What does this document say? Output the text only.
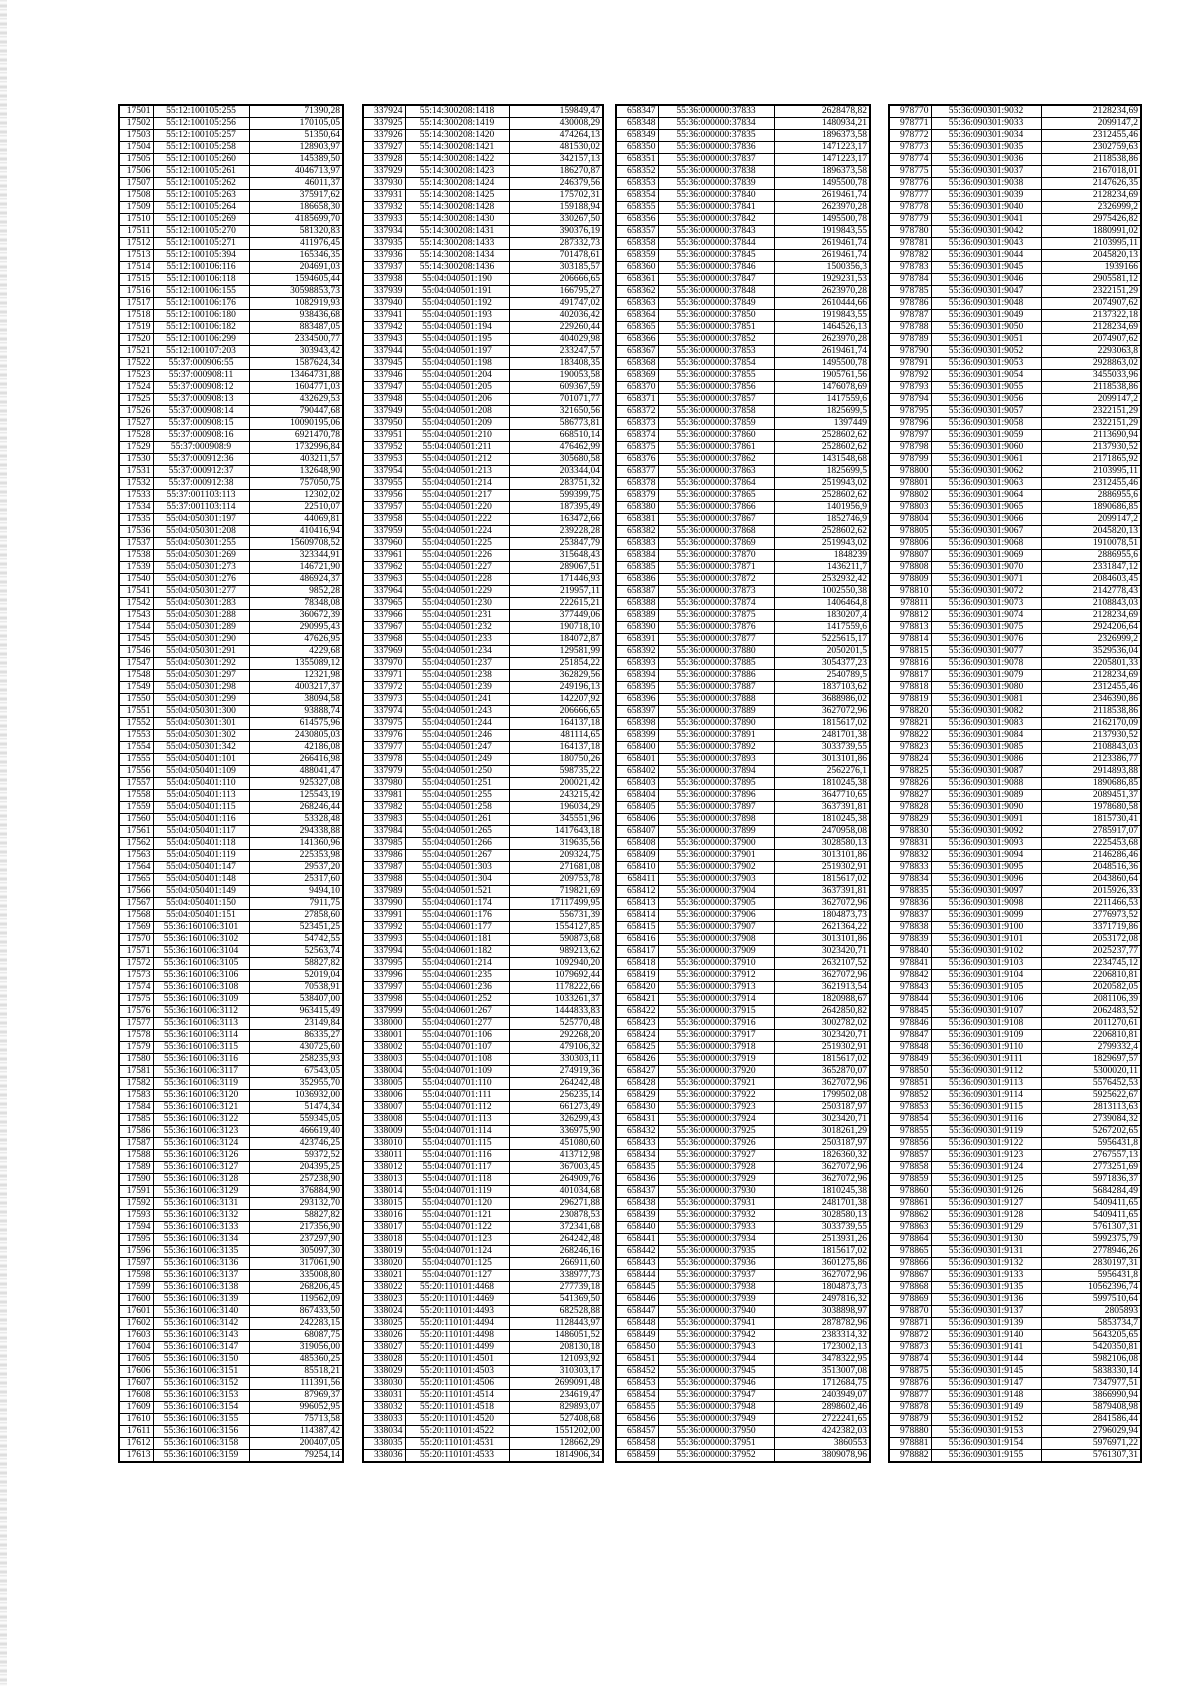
17501	55:12:100105:255	71390,28
17502	55:12:100105:256	170105,05
17503	55:12:100105:257	51350,64
17504	55:12:100105:258	128903,97
17505	55:12:100105:260	145389,50
17506	55:12:100105:261	4046713,97
17507	55:12:100105:262	46011,37
17508	55:12:100105:263	375917,62
17509	55:12:100105:264	186658,30
17510	55:12:100105:269	4185699,70
17511	55:12:100105:270	581320,83
17512	55:12:100105:271	411976,45
17513	55:12:100105:394	165346,35
17514	55:12:100106:116	204691,03
17515	55:12:100106:118	1594605,44
17516	55:12:100106:155	30598853,73
17517	55:12:100106:176	1082919,93
17518	55:12:100106:180	938436,68
17519	55:12:100106:182	883487,05
17520	55:12:100106:299	2334500,77
17521	55:12:100107:203	303943,42
17522	55:37:000906:55	1587624,34
17523	55:37:000908:11	13464731,88
17524	55:37:000908:12	1604771,03
17525	55:37:000908:13	432629,53
17526	55:37:000908:14	790447,68
17527	55:37:000908:15	10090195,06
17528	55:37:000908:16	6921470,78
17529	55:37:000908:9	1732996,84
17530	55:37:000912:36	403211,57
17531	55:37:000912:37	132648,90
17532	55:37:000912:38	757050,75
17533	55:37:001103:113	12302,02
17534	55:37:001103:114	22510,07
17535	55:04:050301:197	44069,81
17536	55:04:050301:208	410416,94
17537	55:04:050301:255	15609708,52
17538	55:04:050301:269	323344,91
17539	55:04:050301:273	146721,90
17540	55:04:050301:276	486924,37
17541	55:04:050301:277	9852,28
17542	55:04:050301:283	78348,08
17543	55:04:050301:288	360672,39
17544	55:04:050301:289	290995,43
17545	55:04:050301:290	47626,95
17546	55:04:050301:291	4229,68
17547	55:04:050301:292	1355089,12
17548	55:04:050301:297	12321,98
17549	55:04:050301:298	4003217,37
17550	55:04:050301:299	38094,58
17551	55:04:050301:300	93888,74
17552	55:04:050301:301	614575,96
17553	55:04:050301:302	2430805,03
17554	55:04:050301:342	42186,08
17555	55:04:050401:101	266416,98
17556	55:04:050401:109	488041,47
17557	55:04:050401:110	925327,08
17558	55:04:050401:113	125543,19
17559	55:04:050401:115	268246,44
17560	55:04:050401:116	53328,48
17561	55:04:050401:117	294338,88
17562	55:04:050401:118	141360,96
17563	55:04:050401:119	225353,98
17564	55:04:050401:147	29537,20
17565	55:04:050401:148	25317,60
17566	55:04:050401:149	9494,10
17567	55:04:050401:150	7911,75
17568	55:04:050401:151	27858,60
17569	55:36:160106:3101	523451,25
17570	55:36:160106:3102	54742,55
17571	55:36:160106:3104	52563,74
17572	55:36:160106:3105	58827,82
17573	55:36:160106:3106	52019,04
17574	55:36:160106:3108	70538,91
17575	55:36:160106:3109	538407,00
17576	55:36:160106:3112	963415,49
17577	55:36:160106:3113	23149,84
17578	55:36:160106:3114	86335,27
17579	55:36:160106:3115	430725,60
17580	55:36:160106:3116	258235,93
17581	55:36:160106:3117	67543,05
17582	55:36:160106:3119	352955,70
17583	55:36:160106:3120	1036932,00
17584	55:36:160106:3121	51474,34
17585	55:36:160106:3122	559345,05
17586	55:36:160106:3123	466619,40
17587	55:36:160106:3124	423746,25
17588	55:36:160106:3126	59372,52
17589	55:36:160106:3127	204395,25
17590	55:36:160106:3128	257238,90
17591	55:36:160106:3129	376884,90
17592	55:36:160106:3131	293132,70
17593	55:36:160106:3132	58827,82
17594	55:36:160106:3133	217356,90
17595	55:36:160106:3134	237297,90
17596	55:36:160106:3135	305097,30
17597	55:36:160106:3136	317061,90
17598	55:36:160106:3137	335008,80
17599	55:36:160106:3138	268206,45
17600	55:36:160106:3139	119562,09
17601	55:36:160106:3140	867433,50
17602	55:36:160106:3142	242283,15
17603	55:36:160106:3143	68087,75
17604	55:36:160106:3147	319056,00
17605	55:36:160106:3150	485360,25
17606	55:36:160106:3151	85518,21
17607	55:36:160106:3152	111391,56
17608	55:36:160106:3153	87969,37
17609	55:36:160106:3154	996052,95
17610	55:36:160106:3155	75713,58
17611	55:36:160106:3156	114387,42
17612	55:36:160106:3158	200407,05
17613	55:36:160106:3159	79254,14
337924	55:14:300208:1418	159849,47
337925	55:14:300208:1419	430008,29
337926	55:14:300208:1420	474264,13
337927	55:14:300208:1421	481530,02
337928	55:14:300208:1422	342157,13
337929	55:14:300208:1423	186270,87
337930	55:14:300208:1424	246379,56
337931	55:14:300208:1425	175702,31
337932	55:14:300208:1428	159188,94
337933	55:14:300208:1430	330267,50
337934	55:14:300208:1431	390376,19
337935	55:14:300208:1433	287332,73
337936	55:14:300208:1434	701478,61
337937	55:14:300208:1436	303185,57
337938	55:04:040501:190	206666,65
337939	55:04:040501:191	166795,27
337940	55:04:040501:192	491747,02
337941	55:04:040501:193	402036,42
337942	55:04:040501:194	229260,44
337943	55:04:040501:195	404029,98
337944	55:04:040501:197	233247,57
337945	55:04:040501:198	183408,35
337946	55:04:040501:204	190053,58
337947	55:04:040501:205	609367,59
337948	55:04:040501:206	701071,77
337949	55:04:040501:208	321650,56
337950	55:04:040501:209	586773,81
337951	55:04:040501:210	668510,14
337952	55:04:040501:211	476462,99
337953	55:04:040501:212	305680,58
337954	55:04:040501:213	203344,04
337955	55:04:040501:214	283751,32
337956	55:04:040501:217	599399,75
337957	55:04:040501:220	187395,49
337958	55:04:040501:222	163472,66
337959	55:04:040501:224	239228,28
337960	55:04:040501:225	253847,79
337961	55:04:040501:226	315648,43
337962	55:04:040501:227	289067,51
337963	55:04:040501:228	171446,93
337964	55:04:040501:229	219957,11
337965	55:04:040501:230	222615,21
337966	55:04:040501:231	377449,06
337967	55:04:040501:232	190718,10
337968	55:04:040501:233	184072,87
337969	55:04:040501:234	129581,99
337970	55:04:040501:237	251854,22
337971	55:04:040501:238	362829,56
337972	55:04:040501:239	249196,13
337973	55:04:040501:241	142207,92
337974	55:04:040501:243	206666,65
337975	55:04:040501:244	164137,18
337976	55:04:040501:246	481114,65
337977	55:04:040501:247	164137,18
337978	55:04:040501:249	180750,26
337979	55:04:040501:250	598735,22
337980	55:04:040501:251	200021,42
337981	55:04:040501:255	243215,42
337982	55:04:040501:258	196034,29
337983	55:04:040501:261	345551,96
337984	55:04:040501:265	1417643,18
337985	55:04:040501:266	319635,56
337986	55:04:040501:267	209324,75
337987	55:04:040501:303	271681,08
337988	55:04:040501:304	209753,78
337989	55:04:040501:521	719821,69
337990	55:04:040601:174	17117499,95
337991	55:04:040601:176	556731,39
337992	55:04:040601:177	1554127,85
337993	55:04:040601:181	590873,68
337994	55:04:040601:182	989213,62
337995	55:04:040601:214	1092940,20
337996	55:04:040601:235	1079692,44
337997	55:04:040601:236	1178222,66
337998	55:04:040601:252	1033261,37
337999	55:04:040601:267	1444833,83
338000	55:04:040601:277	525770,48
338001	55:04:040701:106	292268,20
338002	55:04:040701:107	479106,32
338003	55:04:040701:108	330303,11
338004	55:04:040701:109	274919,36
338005	55:04:040701:110	264242,48
338006	55:04:040701:111	256235,14
338007	55:04:040701:112	661273,49
338008	55:04:040701:113	326299,43
338009	55:04:040701:114	336975,90
338010	55:04:040701:115	451080,60
338011	55:04:040701:116	413712,98
338012	55:04:040701:117	367003,45
338013	55:04:040701:118	264909,76
338014	55:04:040701:119	401034,68
338015	55:04:040701:120	296271,88
338016	55:04:040701:121	230878,53
338017	55:04:040701:122	372341,68
338018	55:04:040701:123	264242,48
338019	55:04:040701:124	268246,16
338020	55:04:040701:125	266911,60
338021	55:04:040701:127	338977,73
338022	55:20:110101:4468	277739,18
338023	55:20:110101:4469	541369,50
338024	55:20:110101:4493	682528,88
338025	55:20:110101:4494	1128443,97
338026	55:20:110101:4498	1486051,52
338027	55:20:110101:4499	208130,18
338028	55:20:110101:4501	121093,92
338029	55:20:110101:4503	310303,17
338030	55:20:110101:4506	2699091,48
338031	55:20:110101:4514	234619,47
338032	55:20:110101:4518	829893,07
338033	55:20:110101:4520	527408,68
338034	55:20:110101:4522	1551202,00
338035	55:20:110101:4531	128662,29
338036	55:20:110101:4533	1814906,34
658347	55:36:000000:37833	2628478,82
658348	55:36:000000:37834	1480934,21
658349	55:36:000000:37835	1896373,58
658350	55:36:000000:37836	1471223,17
658351	55:36:000000:37837	1471223,17
658352	55:36:000000:37838	1896373,58
658353	55:36:000000:37839	1495500,78
658354	55:36:000000:37840	2619461,74
658355	55:36:000000:37841	2623970,28
658356	55:36:000000:37842	1495500,78
658357	55:36:000000:37843	1919843,55
658358	55:36:000000:37844	2619461,74
658359	55:36:000000:37845	2619461,74
658360	55:36:000000:37846	1500356,3
658361	55:36:000000:37847	1929231,53
658362	55:36:000000:37848	2623970,28
658363	55:36:000000:37849	2610444,66
658364	55:36:000000:37850	1919843,55
658365	55:36:000000:37851	1464526,13
658366	55:36:000000:37852	2623970,28
658367	55:36:000000:37853	2619461,74
658368	55:36:000000:37854	1495500,78
658369	55:36:000000:37855	1905761,56
658370	55:36:000000:37856	1476078,69
658371	55:36:000000:37857	1417559,6
658372	55:36:000000:37858	1825699,5
658373	55:36:000000:37859	1397449
658374	55:36:000000:37860	2528602,62
658375	55:36:000000:37861	2528602,62
658376	55:36:000000:37862	1431548,68
658377	55:36:000000:37863	1825699,5
658378	55:36:000000:37864	2519943,02
658379	55:36:000000:37865	2528602,62
658380	55:36:000000:37866	1401956,9
658381	55:36:000000:37867	1852746,9
658382	55:36:000000:37868	2528602,62
658383	55:36:000000:37869	2519943,02
658384	55:36:000000:37870	1848239
658385	55:36:000000:37871	1436211,7
658386	55:36:000000:37872	2532932,42
658387	55:36:000000:37873	1002550,38
658388	55:36:000000:37874	1406464,8
658389	55:36:000000:37875	1830207,4
658390	55:36:000000:37876	1417559,6
658391	55:36:000000:37877	5225615,17
658392	55:36:000000:37880	2050201,5
658393	55:36:000000:37885	3054377,23
658394	55:36:000000:37886	2540789,5
658395	55:36:000000:37887	1837103,62
658396	55:36:000000:37888	3688986,02
658397	55:36:000000:37889	3627072,96
658398	55:36:000000:37890	1815617,02
658399	55:36:000000:37891	2481701,38
658400	55:36:000000:37892	3033739,55
658401	55:36:000000:37893	3013101,86
658402	55:36:000000:37894	2562276,1
658403	55:36:000000:37895	1810245,38
658404	55:36:000000:37896	3647710,65
658405	55:36:000000:37897	3637391,81
658406	55:36:000000:37898	1810245,38
658407	55:36:000000:37899	2470958,08
658408	55:36:000000:37900	3028580,13
658409	55:36:000000:37901	3013101,86
658410	55:36:000000:37902	2519302,91
658411	55:36:000000:37903	1815617,02
658412	55:36:000000:37904	3637391,81
658413	55:36:000000:37905	3627072,96
658414	55:36:000000:37906	1804873,73
658415	55:36:000000:37907	2621364,22
658416	55:36:000000:37908	3013101,86
658417	55:36:000000:37909	3023420,71
658418	55:36:000000:37910	2632107,52
658419	55:36:000000:37912	3627072,96
658420	55:36:000000:37913	3621913,54
658421	55:36:000000:37914	1820988,67
658422	55:36:000000:37915	2642850,82
658423	55:36:000000:37916	3002782,02
658424	55:36:000000:37917	3023420,71
658425	55:36:000000:37918	2519302,91
658426	55:36:000000:37919	1815617,02
658427	55:36:000000:37920	3652870,07
658428	55:36:000000:37921	3627072,96
658429	55:36:000000:37922	1799502,08
658430	55:36:000000:37923	2503187,97
658431	55:36:000000:37924	3023420,71
658432	55:36:000000:37925	3018261,29
658433	55:36:000000:37926	2503187,97
658434	55:36:000000:37927	1826360,32
658435	55:36:000000:37928	3627072,96
658436	55:36:000000:37929	3627072,96
658437	55:36:000000:37930	1810245,38
658438	55:36:000000:37931	2481701,38
658439	55:36:000000:37932	3028580,13
658440	55:36:000000:37933	3033739,55
658441	55:36:000000:37934	2513931,26
658442	55:36:000000:37935	1815617,02
658443	55:36:000000:37936	3601275,86
658444	55:36:000000:37937	3627072,96
658445	55:36:000000:37938	1804873,73
658446	55:36:000000:37939	2497816,32
658447	55:36:000000:37940	3038898,97
658448	55:36:000000:37941	2878782,96
658449	55:36:000000:37942	2383314,32
658450	55:36:000000:37943	1723002,13
658451	55:36:000000:37944	3478322,95
658452	55:36:000000:37945	3513007,08
658453	55:36:000000:37946	1712684,75
658454	55:36:000000:37947	2403949,07
658455	55:36:000000:37948	2898602,46
658456	55:36:000000:37949	2722241,65
658457	55:36:000000:37950	4242382,03
658458	55:36:000000:37951	3860553
658459	55:36:000000:37952	3809078,96
978770	55:36:090301:9032	2128234,69
978771	55:36:090301:9033	2099147,2
978772	55:36:090301:9034	2312455,46
978773	55:36:090301:9035	2302759,63
978774	55:36:090301:9036	2118538,86
978775	55:36:090301:9037	2167018,01
978776	55:36:090301:9038	2147626,35
978777	55:36:090301:9039	2128234,69
978778	55:36:090301:9040	2326999,2
978779	55:36:090301:9041	2975426,82
978780	55:36:090301:9042	1880991,02
978781	55:36:090301:9043	2103995,11
978782	55:36:090301:9044	2045820,13
978783	55:36:090301:9045	1939166
978784	55:36:090301:9046	2905581,12
978785	55:36:090301:9047	2322151,29
978786	55:36:090301:9048	2074907,62
978787	55:36:090301:9049	2137322,18
978788	55:36:090301:9050	2128234,69
978789	55:36:090301:9051	2074907,62
978790	55:36:090301:9052	2293063,8
978791	55:36:090301:9053	2928863,02
978792	55:36:090301:9054	3455033,96
978793	55:36:090301:9055	2118538,86
978794	55:36:090301:9056	2099147,2
978795	55:36:090301:9057	2322151,29
978796	55:36:090301:9058	2322151,29
978797	55:36:090301:9059	2113690,94
978798	55:36:090301:9060	2137930,52
978799	55:36:090301:9061	2171865,92
978800	55:36:090301:9062	2103995,11
978801	55:36:090301:9063	2312455,46
978802	55:36:090301:9064	2886955,6
978803	55:36:090301:9065	1890686,85
978804	55:36:090301:9066	2099147,2
978805	55:36:090301:9067	2045820,13
978806	55:36:090301:9068	1910078,51
978807	55:36:090301:9069	2886955,6
978808	55:36:090301:9070	2331847,12
978809	55:36:090301:9071	2084603,45
978810	55:36:090301:9072	2142778,43
978811	55:36:090301:9073	2108843,03
978812	55:36:090301:9074	2128234,69
978813	55:36:090301:9075	2924206,64
978814	55:36:090301:9076	2326999,2
978815	55:36:090301:9077	3529536,04
978816	55:36:090301:9078	2205801,33
978817	55:36:090301:9079	2128234,69
978818	55:36:090301:9080	2312455,46
978819	55:36:090301:9081	2346390,86
978820	55:36:090301:9082	2118538,86
978821	55:36:090301:9083	2162170,09
978822	55:36:090301:9084	2137930,52
978823	55:36:090301:9085	2108843,03
978824	55:36:090301:9086	2123386,77
978825	55:36:090301:9087	2914893,88
978826	55:36:090301:9088	1890686,85
978827	55:36:090301:9089	2089451,37
978828	55:36:090301:9090	1978680,58
978829	55:36:090301:9091	1815730,41
978830	55:36:090301:9092	2785917,07
978831	55:36:090301:9093	2225453,68
978832	55:36:090301:9094	2146286,46
978833	55:36:090301:9095	2048516,36
978834	55:36:090301:9096	2043860,64
978835	55:36:090301:9097	2015926,33
978836	55:36:090301:9098	2211466,53
978837	55:36:090301:9099	2776973,52
978838	55:36:090301:9100	3371719,86
978839	55:36:090301:9101	2053172,08
978840	55:36:090301:9102	2025237,77
978841	55:36:090301:9103	2234745,12
978842	55:36:090301:9104	2206810,81
978843	55:36:090301:9105	2020582,05
978844	55:36:090301:9106	2081106,39
978845	55:36:090301:9107	2062483,52
978846	55:36:090301:9108	2011270,61
978847	55:36:090301:9109	2206810,81
978848	55:36:090301:9110	2799332,4
978849	55:36:090301:9111	1829697,57
978850	55:36:090301:9112	5300020,11
978851	55:36:090301:9113	5576452,53
978852	55:36:090301:9114	5925622,67
978853	55:36:090301:9115	2813113,63
978854	55:36:090301:9116	2739084,32
978855	55:36:090301:9119	5267202,65
978856	55:36:090301:9122	5956431,8
978857	55:36:090301:9123	2767557,13
978858	55:36:090301:9124	2773251,69
978859	55:36:090301:9125	5971836,37
978860	55:36:090301:9126	5684284,49
978861	55:36:090301:9127	5409411,65
978862	55:36:090301:9128	5409411,65
978863	55:36:090301:9129	5761307,31
978864	55:36:090301:9130	5992375,79
978865	55:36:090301:9131	2778946,26
978866	55:36:090301:9132	2830197,31
978867	55:36:090301:9133	5956431,8
978868	55:36:090301:9135	10562396,74
978869	55:36:090301:9136	5997510,64
978870	55:36:090301:9137	2805893
978871	55:36:090301:9139	5853734,7
978872	55:36:090301:9140	5643205,65
978873	55:36:090301:9141	5420350,81
978874	55:36:090301:9144	5982106,08
978875	55:36:090301:9145	5838330,14
978876	55:36:090301:9147	7347977,51
978877	55:36:090301:9148	3866990,94
978878	55:36:090301:9149	5879408,98
978879	55:36:090301:9152	2841586,44
978880	55:36:090301:9153	2796029,94
978881	55:36:090301:9154	5976971,22
978882	55:36:090301:9155	5761307,31
